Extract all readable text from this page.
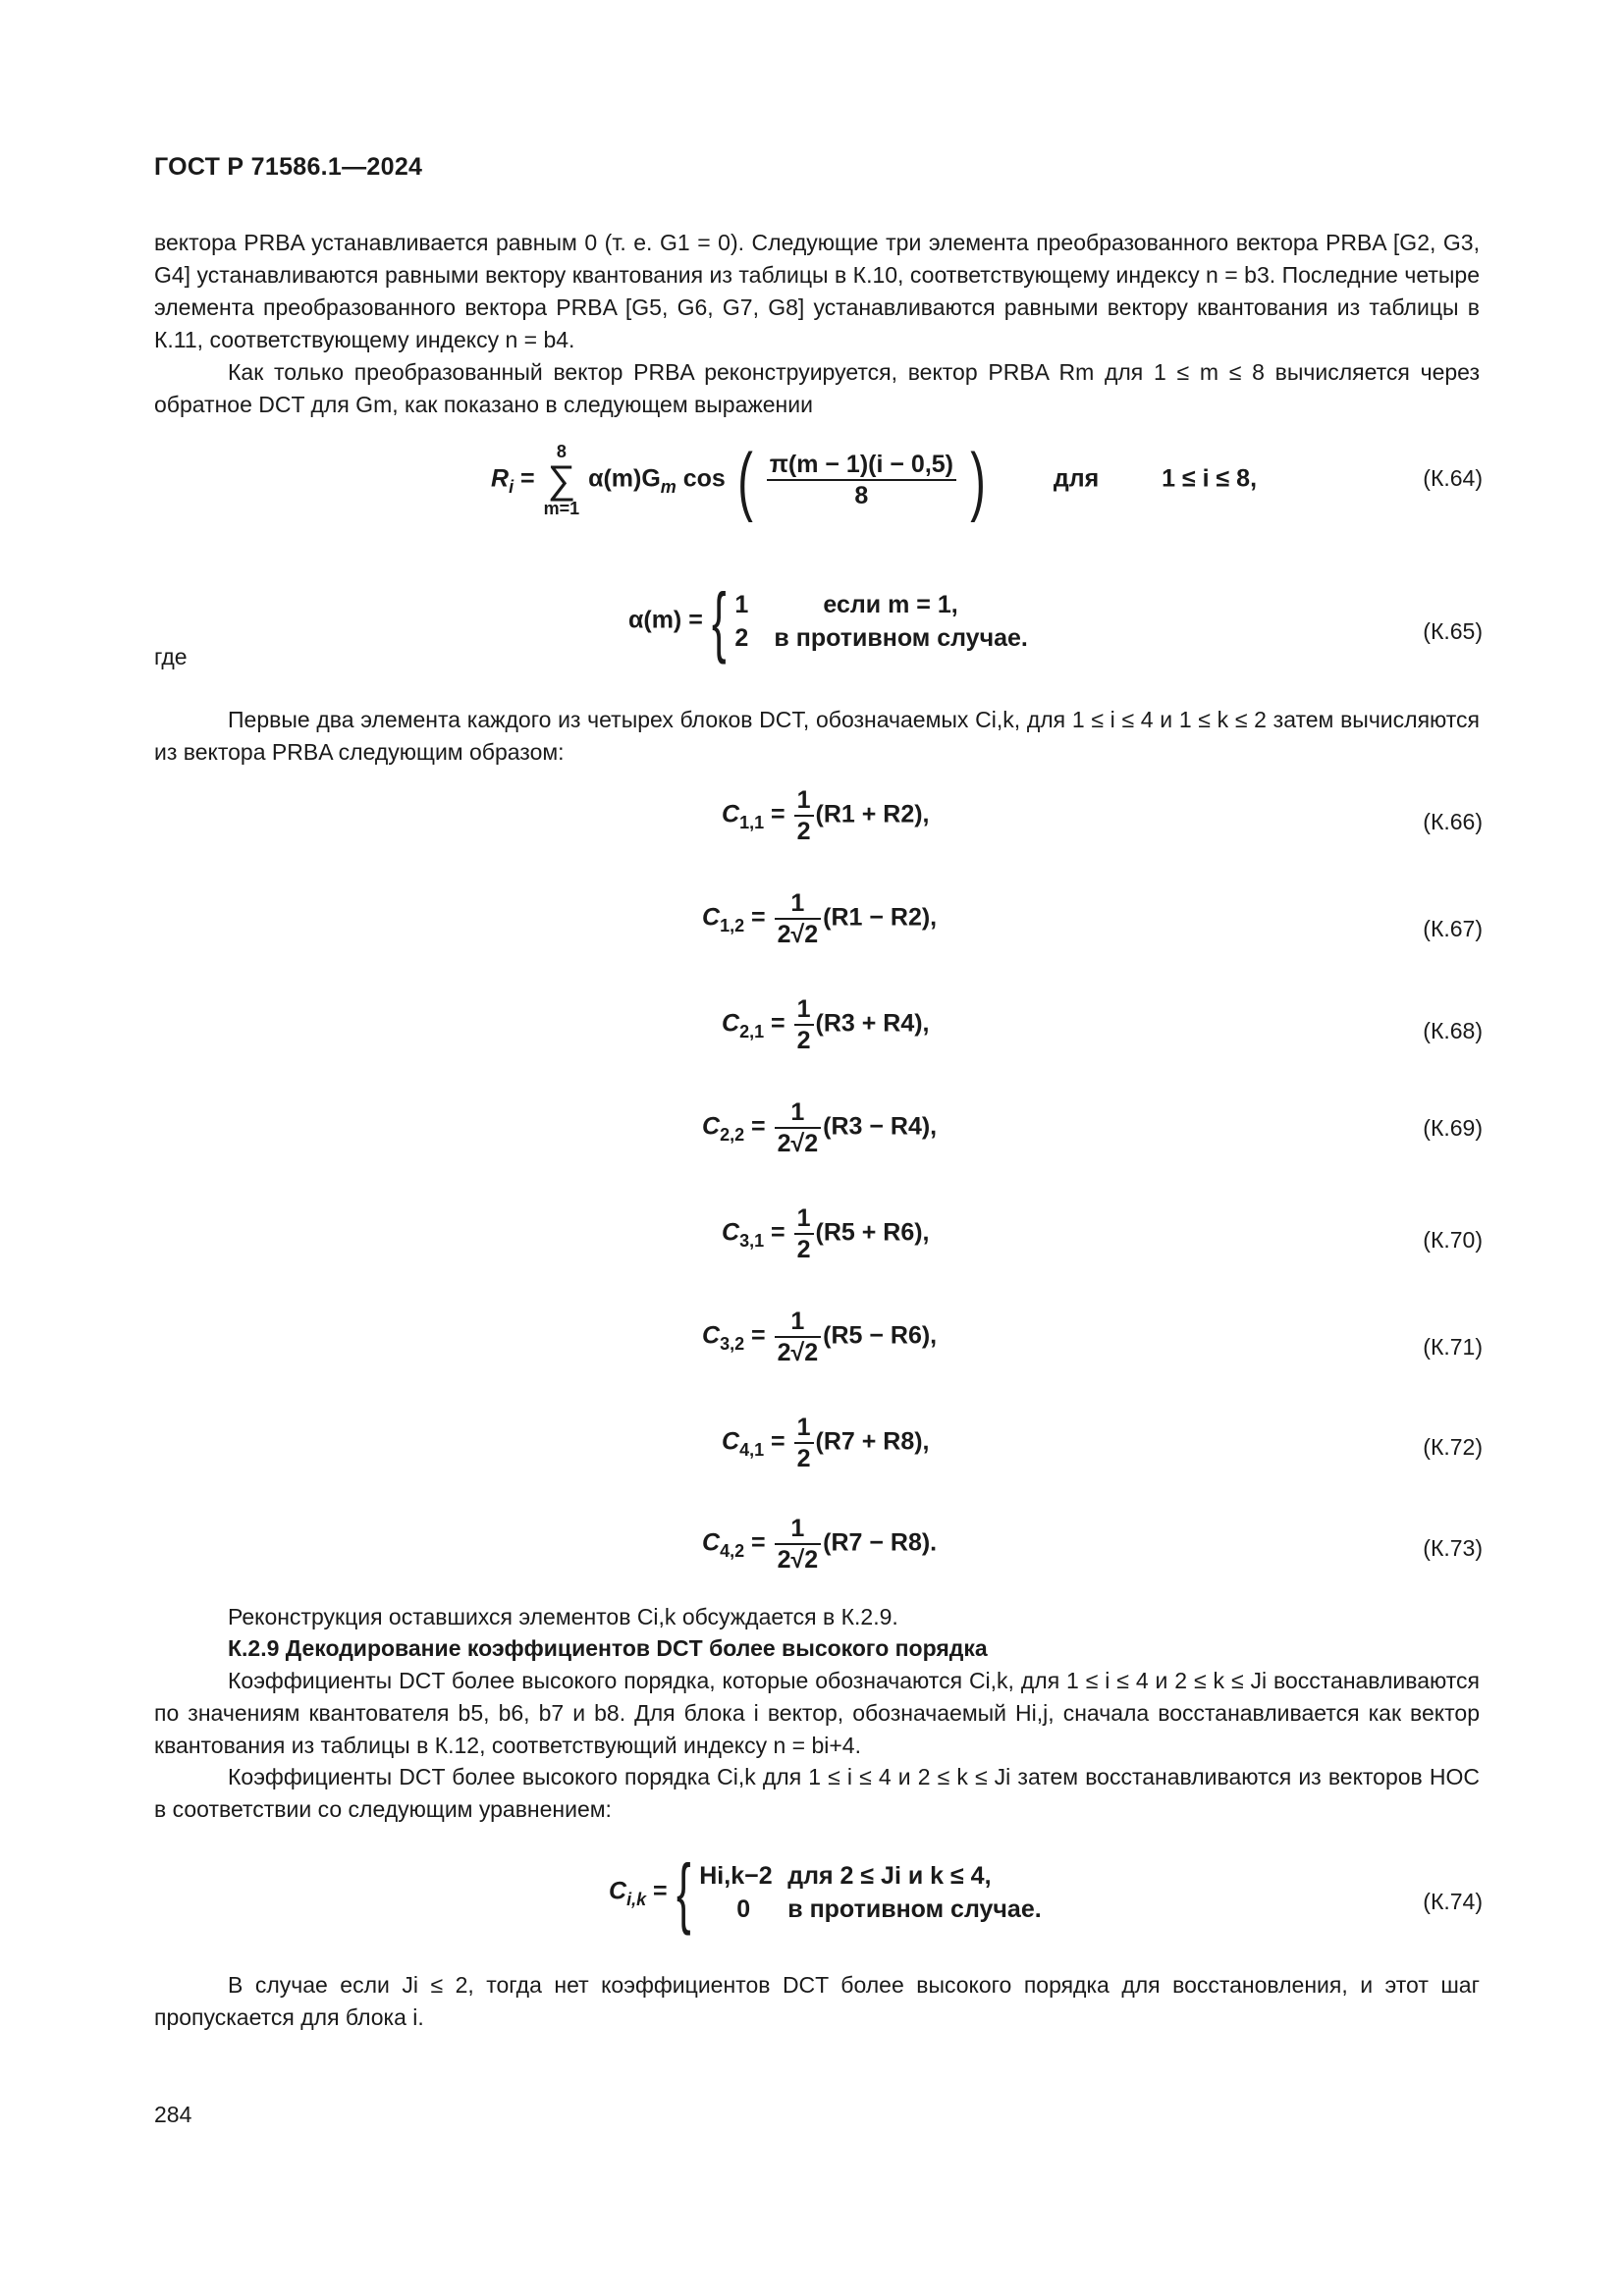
ГОСТ Р 71586.1—2024
вектора PRBA устанавливается равным 0 (т. е. G1 = 0). Следующие три элемента преобразованного вектора PRBA [G2, G3, G4] устанавливаются равными вектору квантования из таблицы в К.10, соответствующему индексу n = b3. Последние четыре элемента преобразованного вектора PRBA [G5, G6, G7, G8] устанавливаются равными вектору квантования из таблицы в К.11, соответствующему индексу n = b4.
Как только преобразованный вектор PRBA реконструируется, вектор PRBA Rm для 1 ≤ m ≤ 8 вычисляется через обратное DCT для Gm, как показано в следующем выражении
$R_i$ =
8
∑
m=1
$\alpha(m)G_m$ cos ( $\frac{\pi(m - 1)(i - 0,5)}{8}$ )	для	1 ≤ i ≤ 8,	(К.64)
α(m) = { 1	если m = 1,
2 в противном случае.
где
(К.65)
Первые два элемента каждого из четырех блоков DCT, обозначаемых Ci,k, для 1 ≤ i ≤ 4 и 1 ≤ k ≤ 2 затем вычисляются из вектора PRBA следующим образом:
$C_{1,1} = \frac{1}{2} (R1 + R2)$,	(К.66)
$C_{1,2} = \frac{1}{2√2} (R1 - R2)$,	(К.67)
$C_{2,1} = \frac{1}{2} (R3 + R4)$,	(К.68)
$C_{2,2} = \frac{1}{2√2} (R3 - R4)$,	(К.69)
$C_{3,1} = \frac{1}{2} (R5 + R6)$,	(К.70)
$C_{3,2} = \frac{1}{2√2} (R5 - R6)$,	(К.71)
$C_{4,1} = \frac{1}{2} (R7 + R8)$,	(К.72)
$C_{4,2} = \frac{1}{2√2} (R7 - R8)$.	(К.73)
Реконструкция оставшихся элементов Ci,k обсуждается в К.2.9.
К.2.9 Декодирование коэффициентов DCT более высокого порядка
Коэффициенты DCT более высокого порядка, которые обозначаются Ci,k, для 1 ≤ i ≤ 4 и 2 ≤ k ≤ Ji восстанавливаются по значениям квантователя b5, b6, b7 и b8. Для блока i вектор, обозначаемый Hi,j, сначала восстанавливается как вектор квантования из таблицы в К.12, соответствующий индексу n = bi+4.
Коэффициенты DCT более высокого порядка Ci,k для 1 ≤ i ≤ 4 и 2 ≤ k ≤ Ji затем восстанавливаются из векторов HOC в соответствии со следующим уравнением:
$C_{i,k}$ = { Hi,k−2 для 2 ≤ Ji и k ≤ 4,
0 в противном случае.	(К.74)
В случае если Ji ≤ 2, тогда нет коэффициентов DCT более высокого порядка для восстановления, и этот шаг пропускается для блока i.
284
